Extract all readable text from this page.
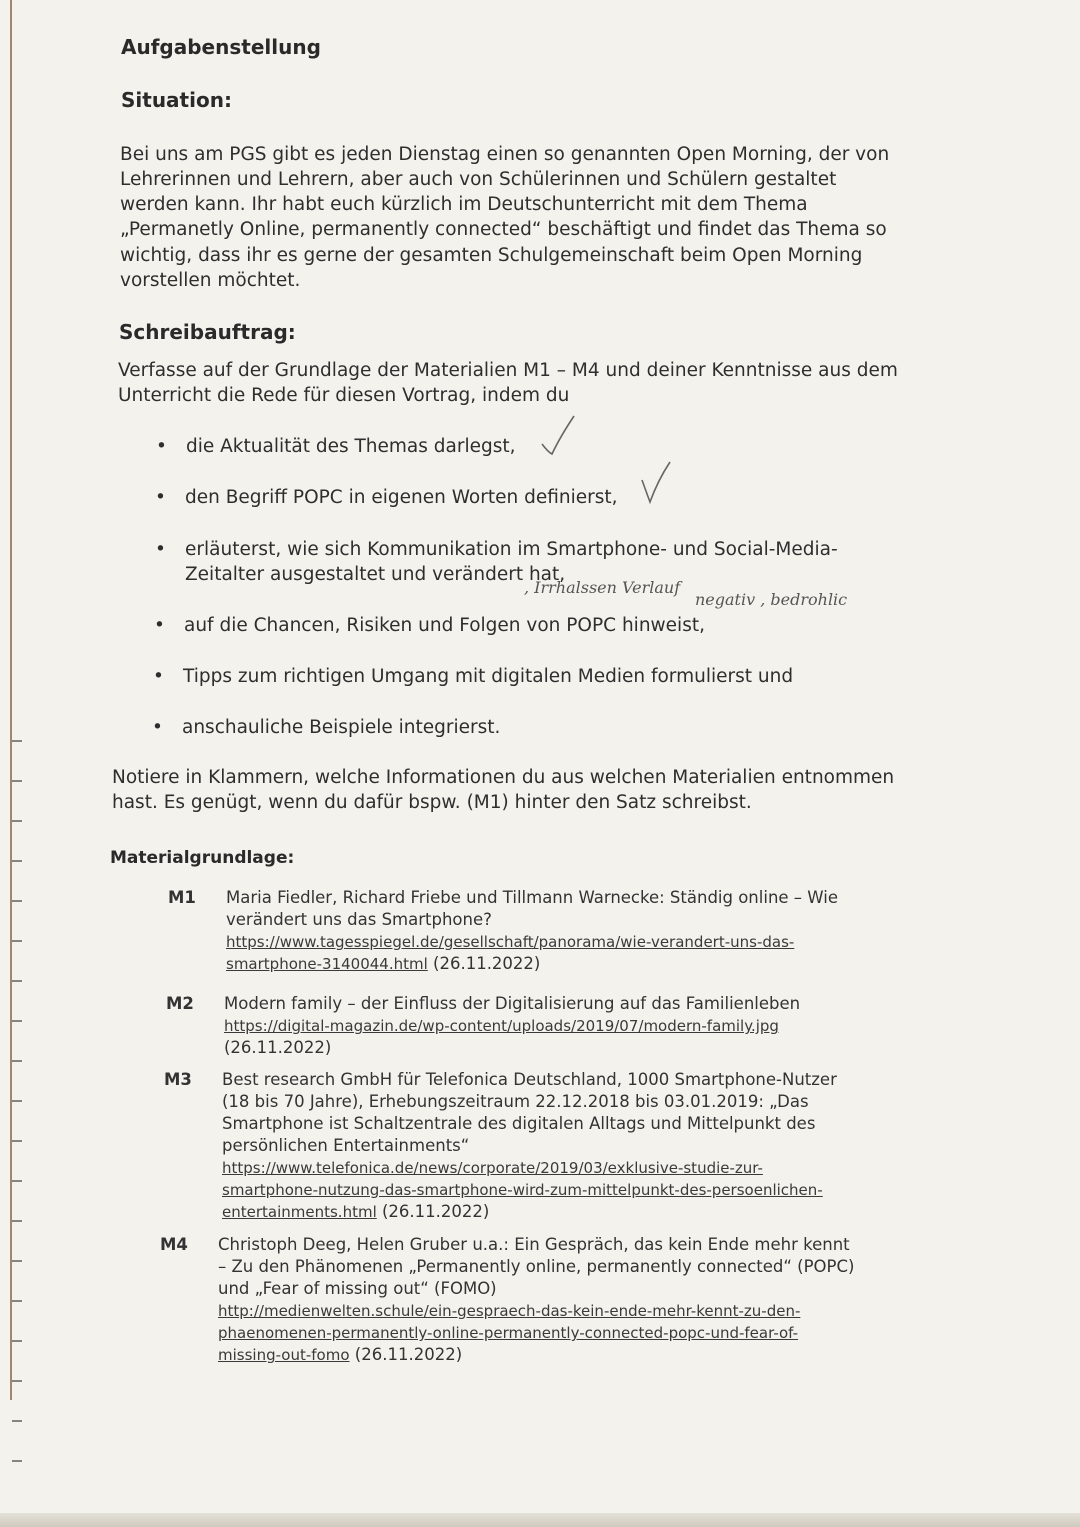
Aufgabenstellung
Situation:
Bei uns am PGS gibt es jeden Dienstag einen so genannten Open Morning, der von
Lehrerinnen und Lehrern, aber auch von Schülerinnen und Schülern gestaltet
werden kann. Ihr habt euch kürzlich im Deutschunterricht mit dem Thema
„Permanetly Online, permanently connected“ beschäftigt und findet das Thema so
wichtig, dass ihr es gerne der gesamten Schulgemeinschaft beim Open Morning
vorstellen möchtet.
Schreibauftrag:
Verfasse auf der Grundlage der Materialien M1 – M4 und deiner Kenntnisse aus dem
Unterricht die Rede für diesen Vortrag, indem du
• die Aktualität des Themas darlegst,
• den Begriff POPC in eigenen Worten definierst,
• erläuterst, wie sich Kommunikation im Smartphone- und Social-Media-
Zeitalter ausgestaltet und verändert hat,
, Irrhalssen Verlauf
negativ , bedrohlic
• auf die Chancen, Risiken und Folgen von POPC hinweist,
• Tipps zum richtigen Umgang mit digitalen Medien formulierst und
• anschauliche Beispiele integrierst.
Notiere in Klammern, welche Informationen du aus welchen Materialien entnommen
hast. Es genügt, wenn du dafür bspw. (M1) hinter den Satz schreibst.
Materialgrundlage:
M1 Maria Fiedler, Richard Friebe und Tillmann Warnecke: Ständig online – Wie
verändert uns das Smartphone?
https://www.tagesspiegel.de/gesellschaft/panorama/wie-verandert-uns-das-
smartphone-3140044.html (26.11.2022)
M2 Modern family – der Einfluss der Digitalisierung auf das Familienleben
https://digital-magazin.de/wp-content/uploads/2019/07/modern-family.jpg
(26.11.2022)
M3 Best research GmbH für Telefonica Deutschland, 1000 Smartphone-Nutzer
(18 bis 70 Jahre), Erhebungszeitraum 22.12.2018 bis 03.01.2019: „Das
Smartphone ist Schaltzentrale des digitalen Alltags und Mittelpunkt des
persönlichen Entertainments“
https://www.telefonica.de/news/corporate/2019/03/exklusive-studie-zur-
smartphone-nutzung-das-smartphone-wird-zum-mittelpunkt-des-persoenlichen-
entertainments.html (26.11.2022)
M4 Christoph Deeg, Helen Gruber u.a.: Ein Gespräch, das kein Ende mehr kennt
– Zu den Phänomenen „Permanently online, permanently connected“ (POPC)
und „Fear of missing out“ (FOMO)
http://medienwelten.schule/ein-gespraech-das-kein-ende-mehr-kennt-zu-den-
phaenomenen-permanently-online-permanently-connected-popc-und-fear-of-
missing-out-fomo (26.11.2022)
